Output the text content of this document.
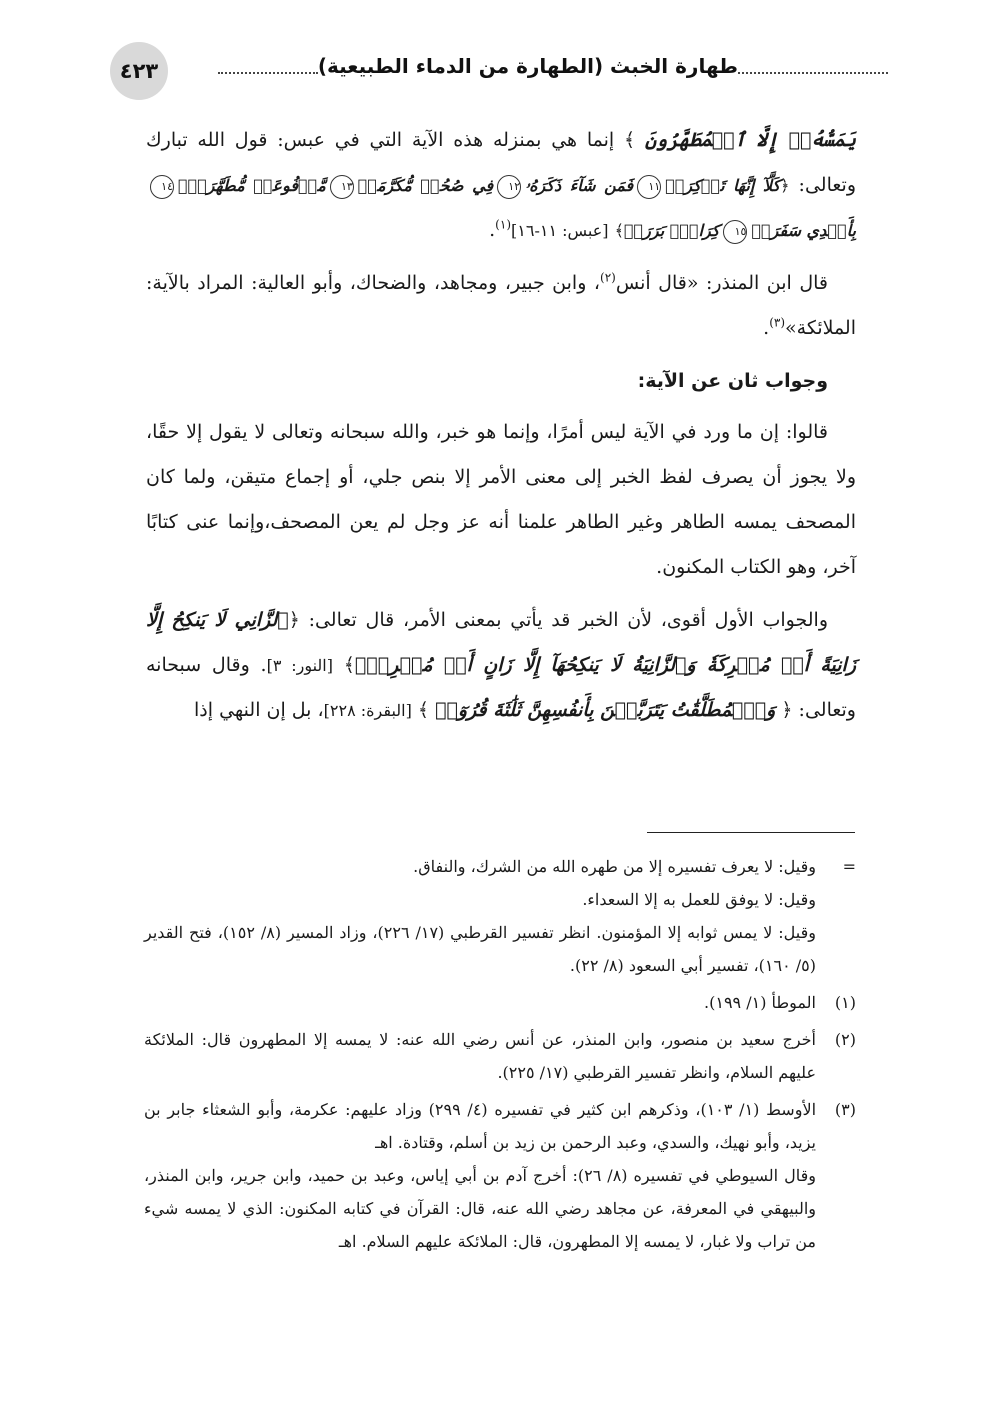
٤٢٣	طهارة الخبث (الطهارة من الدماء الطبيعية)

يَمَسُّهُۥٓ إِلَّا ٱلۡمُطَهَّرُونَ ﴾ إنما هي بمنزله هذه الآية التي في عبس: قول الله تبارك وتعالى: ﴿كَلَّآ إِنَّهَا تَذۡكِرَةٞ١١فَمَن شَآءَ ذَكَرَهُۥ١٢فِي صُحُفٖ مُّكَرَّمَةٖ١٣مَّرۡفُوعَةٖ مُّطَهَّرَةِۭ١٤بِأَيۡدِي سَفَرَةٖ١٥كِرَامِۭ بَرَرَةٖ﴾ [عبس: ١١-١٦]$^{(١)}$.

قال ابن المنذر: «قال أنس$^{(٢)}$، وابن جبير، ومجاهد، والضحاك، وأبو العالية: المراد بالآية: الملائكة»$^{(٣)}$.

وجواب ثان عن الآية:

قالوا: إن ما ورد في الآية ليس أمرًا، وإنما هو خبر، والله سبحانه وتعالى لا يقول إلا حقًا، ولا يجوز أن يصرف لفظ الخبر إلى معنى الأمر إلا بنص جلي، أو إجماع متيقن، ولما كان المصحف يمسه الطاهر وغير الطاهر علمنا أنه عز وجل لم يعن المصحف،وإنما عنى كتابًا آخر، وهو الكتاب المكنون.

والجواب الأول أقوى، لأن الخبر قد يأتي بمعنى الأمر، قال تعالى: ﴿ٱلزَّانِي لَا يَنكِحُ إِلَّا زَانِيَةً أَوۡ مُشۡرِكَةٗ وَٱلزَّانِيَةُ لَا يَنكِحُهَآ إِلَّا زَانٍ أَوۡ مُشۡرِكٞۚ﴾ [النور: ٣]. وقال سبحانه وتعالى: ﴿ وَٱلۡمُطَلَّقَٰتُ يَتَرَبَّصۡنَ بِأَنفُسِهِنَّ ثَلَٰثَةَ قُرُوٓءٖ ﴾ [البقرة: ٢٢٨]، بل إن النهي إذا

=
وقيل: لا يعرف تفسيره إلا من طهره الله من الشرك، والنفاق.
وقيل: لا يوفق للعمل به إلا السعداء.
وقيل: لا يمس ثوابه إلا المؤمنون. انظر تفسير القرطبي (١٧/ ٢٢٦)، وزاد المسير (٨/ ١٥٢)، فتح القدير (٥/ ١٦٠)، تفسير أبي السعود (٨/ ٢٢).
(١)
الموطأ (١/ ١٩٩).
(٢)
أخرج سعيد بن منصور، وابن المنذر، عن أنس رضي الله عنه: لا يمسه إلا المطهرون قال: الملائكة عليهم السلام، وانظر تفسير القرطبي (١٧/ ٢٢٥).
(٣)
الأوسط (١/ ١٠٣)، وذكرهم ابن كثير في تفسيره (٤/ ٢٩٩) وزاد عليهم: عكرمة، وأبو الشعثاء جابر بن يزيد، وأبو نهيك، والسدي، وعبد الرحمن بن زيد بن أسلم، وقتادة. اهـ
وقال السيوطي في تفسيره (٨/ ٢٦): أخرج آدم بن أبي إياس، وعبد بن حميد، وابن جرير، وابن المنذر، والبيهقي في المعرفة، عن مجاهد رضي الله عنه، قال: القرآن في كتابه المكنون: الذي لا يمسه شيء من تراب ولا غبار، لا يمسه إلا المطهرون، قال: الملائكة عليهم السلام. اهـ
